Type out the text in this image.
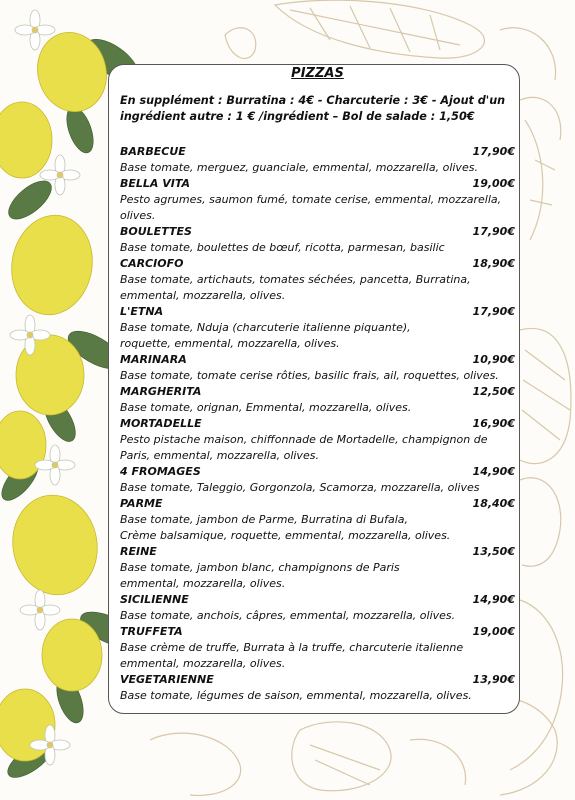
PIZZAS
En supplément : Burratina : 4€ - Charcuterie : 3€ - Ajout d'un ingrédient autre : 1 € /ingrédient – Bol de salade : 1,50€
BARBECUE	17,90€
Base tomate, merguez, guanciale, emmental, mozzarella, olives.
BELLA VITA	19,00€
Pesto agrumes, saumon fumé, tomate cerise, emmental, mozzarella,
olives.
BOULETTES	17,90€
Base tomate, boulettes de bœuf, ricotta, parmesan, basilic
CARCIOFO	18,90€
Base tomate, artichauts, tomates séchées, pancetta, Burratina,
emmental, mozzarella, olives.
L'ETNA	17,90€
Base tomate, Nduja (charcuterie italienne piquante),
roquette, emmental, mozzarella, olives.
MARINARA	10,90€
Base tomate, tomate cerise rôties, basilic frais, ail, roquettes, olives.
MARGHERITA	12,50€
Base tomate, orignan, Emmental, mozzarella, olives.
MORTADELLE	16,90€
Pesto pistache maison, chiffonnade de Mortadelle, champignon de
Paris, emmental, mozzarella, olives.
4 FROMAGES	14,90€
Base tomate, Taleggio, Gorgonzola, Scamorza, mozzarella, olives
PARME	18,40€
Base tomate, jambon de Parme, Burratina di Bufala,
Crème balsamique, roquette, emmental, mozzarella, olives.
REINE	13,50€
Base tomate, jambon blanc, champignons de Paris
emmental, mozzarella, olives.
SICILIENNE	14,90€
Base tomate, anchois, câpres, emmental, mozzarella, olives.
TRUFFETA	19,00€
Base crème de truffe, Burrata à la truffe, charcuterie italienne
emmental, mozzarella, olives.
VEGETARIENNE	13,90€
Base tomate, légumes de saison, emmental, mozzarella, olives.
